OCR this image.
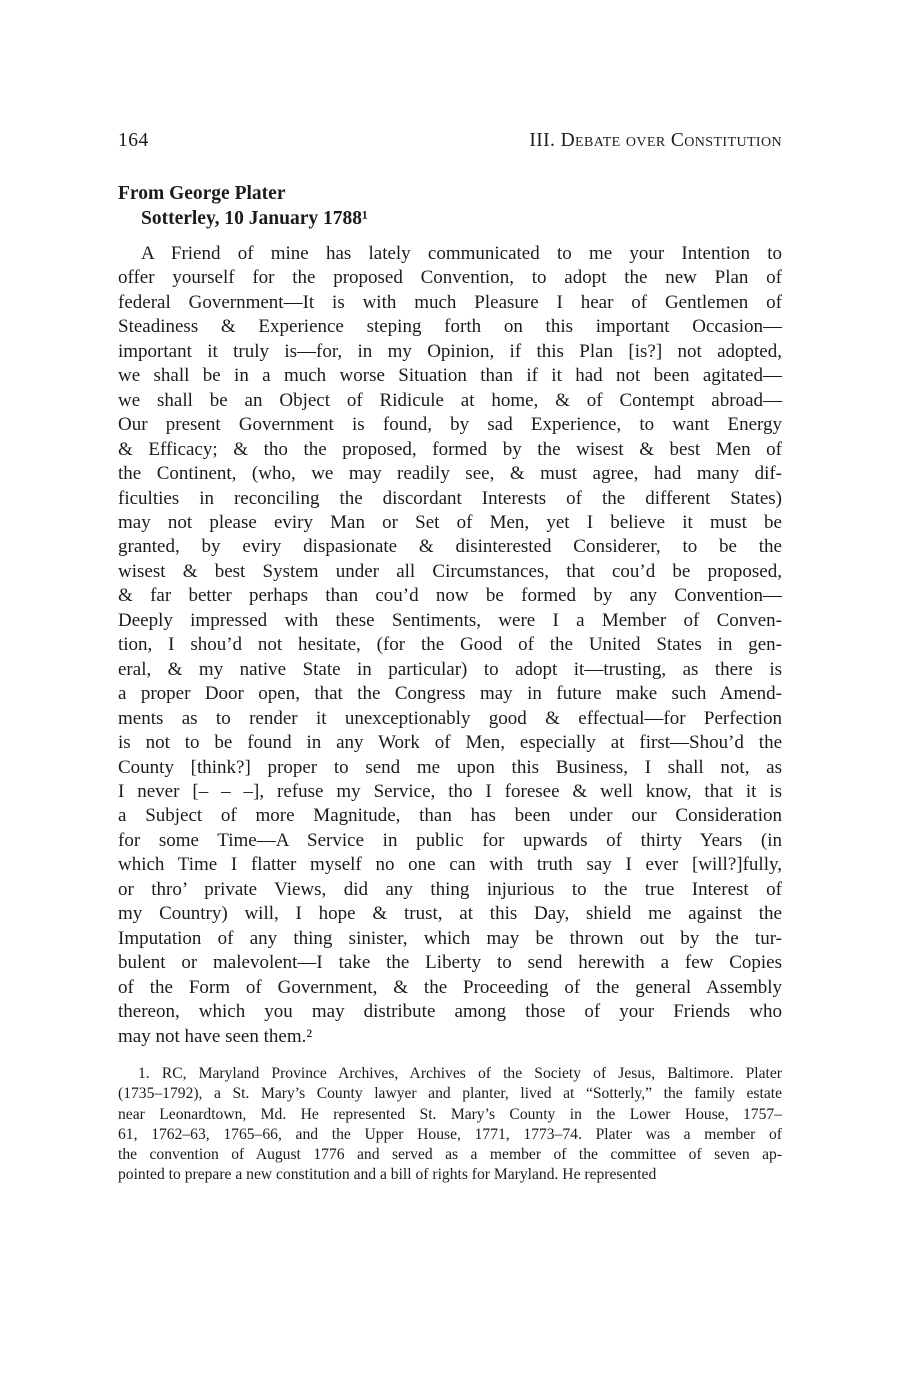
164	III. Debate over Constitution
From George Plater
Sotterley, 10 January 1788¹
A Friend of mine has lately communicated to me your Intention to
offer yourself for the proposed Convention, to adopt the new Plan of
federal Government—It is with much Pleasure I hear of Gentlemen of
Steadiness & Experience steping forth on this important Occasion—
important it truly is—for, in my Opinion, if this Plan [is?] not adopted,
we shall be in a much worse Situation than if it had not been agitated—
we shall be an Object of Ridicule at home, & of Contempt abroad—
Our present Government is found, by sad Experience, to want Energy
& Efficacy; & tho the proposed, formed by the wisest & best Men of
the Continent, (who, we may readily see, & must agree, had many dif-
ficulties in reconciling the discordant Interests of the different States)
may not please eviry Man or Set of Men, yet I believe it must be
granted, by eviry dispasionate & disinterested Considerer, to be the
wisest & best System under all Circumstances, that cou’d be proposed,
& far better perhaps than cou’d now be formed by any Convention—
Deeply impressed with these Sentiments, were I a Member of Conven-
tion, I shou’d not hesitate, (for the Good of the United States in gen-
eral, & my native State in particular) to adopt it—trusting, as there is
a proper Door open, that the Congress may in future make such Amend-
ments as to render it unexceptionably good & effectual—for Perfection
is not to be found in any Work of Men, especially at first—Shou’d the
County [think?] proper to send me upon this Business, I shall not, as
I never [– – –], refuse my Service, tho I foresee & well know, that it is
a Subject of more Magnitude, than has been under our Consideration
for some Time—A Service in public for upwards of thirty Years (in
which Time I flatter myself no one can with truth say I ever [will?]fully,
or thro’ private Views, did any thing injurious to the true Interest of
my Country) will, I hope & trust, at this Day, shield me against the
Imputation of any thing sinister, which may be thrown out by the tur-
bulent or malevolent—I take the Liberty to send herewith a few Copies
of the Form of Government, & the Proceeding of the general Assembly
thereon, which you may distribute among those of your Friends who
may not have seen them.²
1. RC, Maryland Province Archives, Archives of the Society of Jesus, Baltimore. Plater
(1735–1792), a St. Mary’s County lawyer and planter, lived at “Sotterly,” the family estate
near Leonardtown, Md. He represented St. Mary’s County in the Lower House, 1757–
61, 1762–63, 1765–66, and the Upper House, 1771, 1773–74. Plater was a member of
the convention of August 1776 and served as a member of the committee of seven ap-
pointed to prepare a new constitution and a bill of rights for Maryland. He represented
